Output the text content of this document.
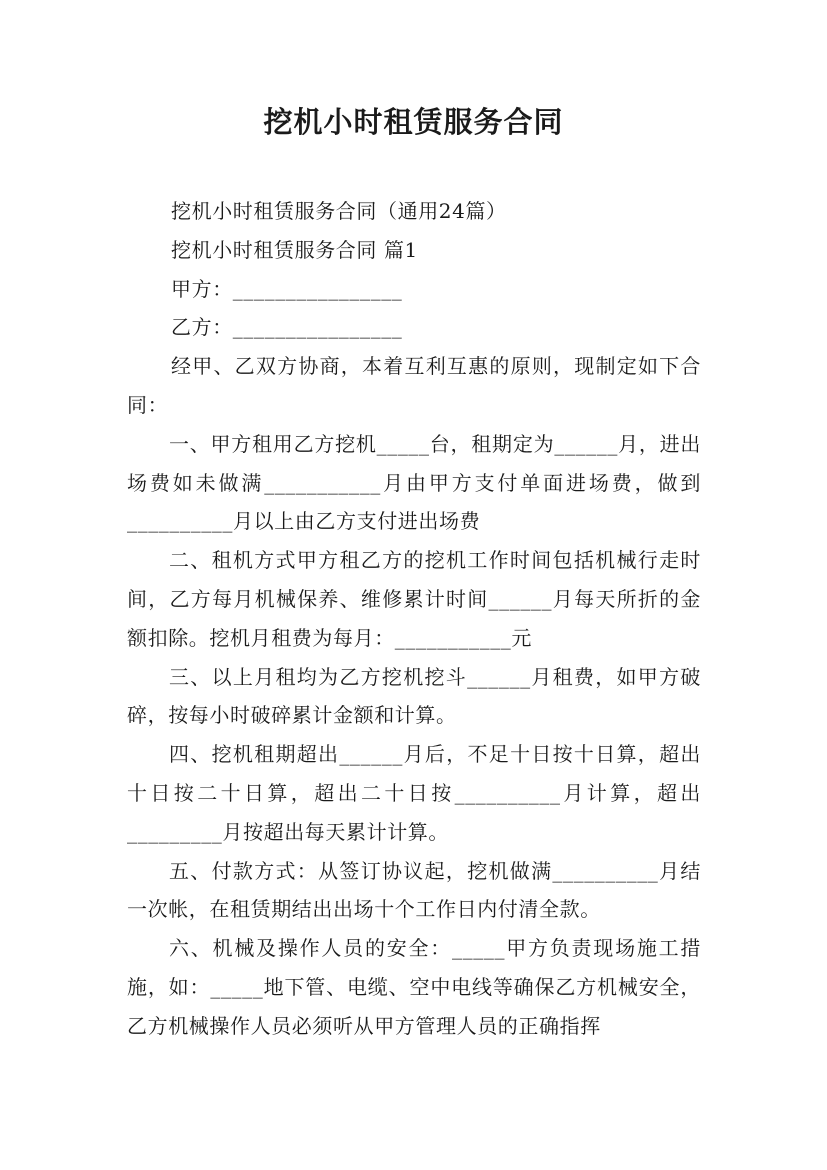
挖机小时租赁服务合同

挖机小时租赁服务合同（通用24篇）

挖机小时租赁服务合同 篇1

甲方：________________

乙方：________________

经甲、乙双方协商，本着互利互惠的原则，现制定如下合同：

一、甲方租用乙方挖机_____台，租期定为______月，进出场费如未做满___________月由甲方支付单面进场费，做到__________月以上由乙方支付进出场费

二、租机方式甲方租乙方的挖机工作时间包括机械行走时间，乙方每月机械保养、维修累计时间______月每天所折的金额扣除。挖机月租费为每月：___________元

三、以上月租均为乙方挖机挖斗______月租费，如甲方破碎，按每小时破碎累计金额和计算。

四、挖机租期超出______月后，不足十日按十日算，超出十日按二十日算，超出二十日按__________月计算，超出_________月按超出每天累计计算。

五、付款方式：从签订协议起，挖机做满__________月结一次帐，在租赁期结出出场十个工作日内付清全款。

六、机械及操作人员的安全：_____甲方负责现场施工措施，如：_____地下管、电缆、空中电线等确保乙方机械安全，乙方机械操作人员必须听从甲方管理人员的正确指挥
